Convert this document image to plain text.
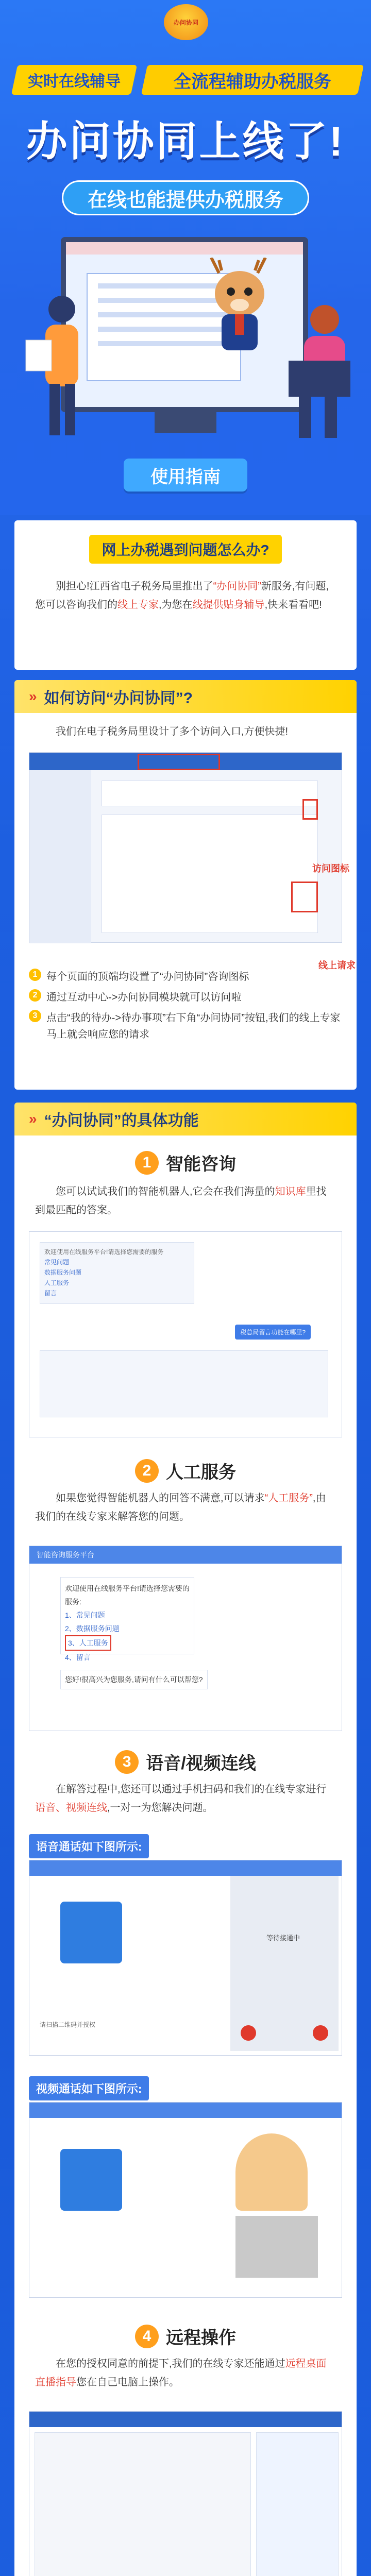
办问协同
实时在线辅导	全流程辅助办税服务
办问协同上线了!
在线也能提供办税服务
使用指南
网上办税遇到问题怎么办?

别担心!江西省电子税务局里推出了“办问协同”新服务,有问题,您可以咨询我们的线上专家,为您在线提供贴身辅导,快来看看吧!

» 如何访问“办问协同”?

我们在电子税务局里设计了多个访问入口,方便快捷!

访问图标
线上请求
1 每个页面的顶端均设置了“办问协同”咨询图标
2 通过互动中心->办问协同模块就可以访问啦
3 点击“我的待办->待办事项”右下角“办问协同”按钮,我们的线上专家马上就会响应您的请求
» “办问协同”的具体功能
1 智能咨询

您可以试试我们的智能机器人,它会在我们海量的知识库里找到最匹配的答案。

欢迎使用在线服务平台!请选择您需要的服务
常见问题
数据服务问题
人工服务
留言
税总局留言功能在哪里?
2 人工服务

如果您觉得智能机器人的回答不满意,可以请求“人工服务”,由我们的在线专家来解答您的问题。

智能咨询服务平台
欢迎使用在线服务平台!请选择您需要的服务:
1、常见问题
2、数据服务问题
3、人工服务
4、留言
您好!很高兴为您服务,请问有什么可以帮您?
3 语音/视频连线

在解答过程中,您还可以通过手机扫码和我们的在线专家进行语音、视频连线,一对一为您解决问题。

语音通话如下图所示:
请扫描二维码并授权
等待接通中
视频通话如下图所示:
4 远程操作

在您的授权同意的前提下,我们的在线专家还能通过远程桌面直播指导您在自己电脑上操作。
